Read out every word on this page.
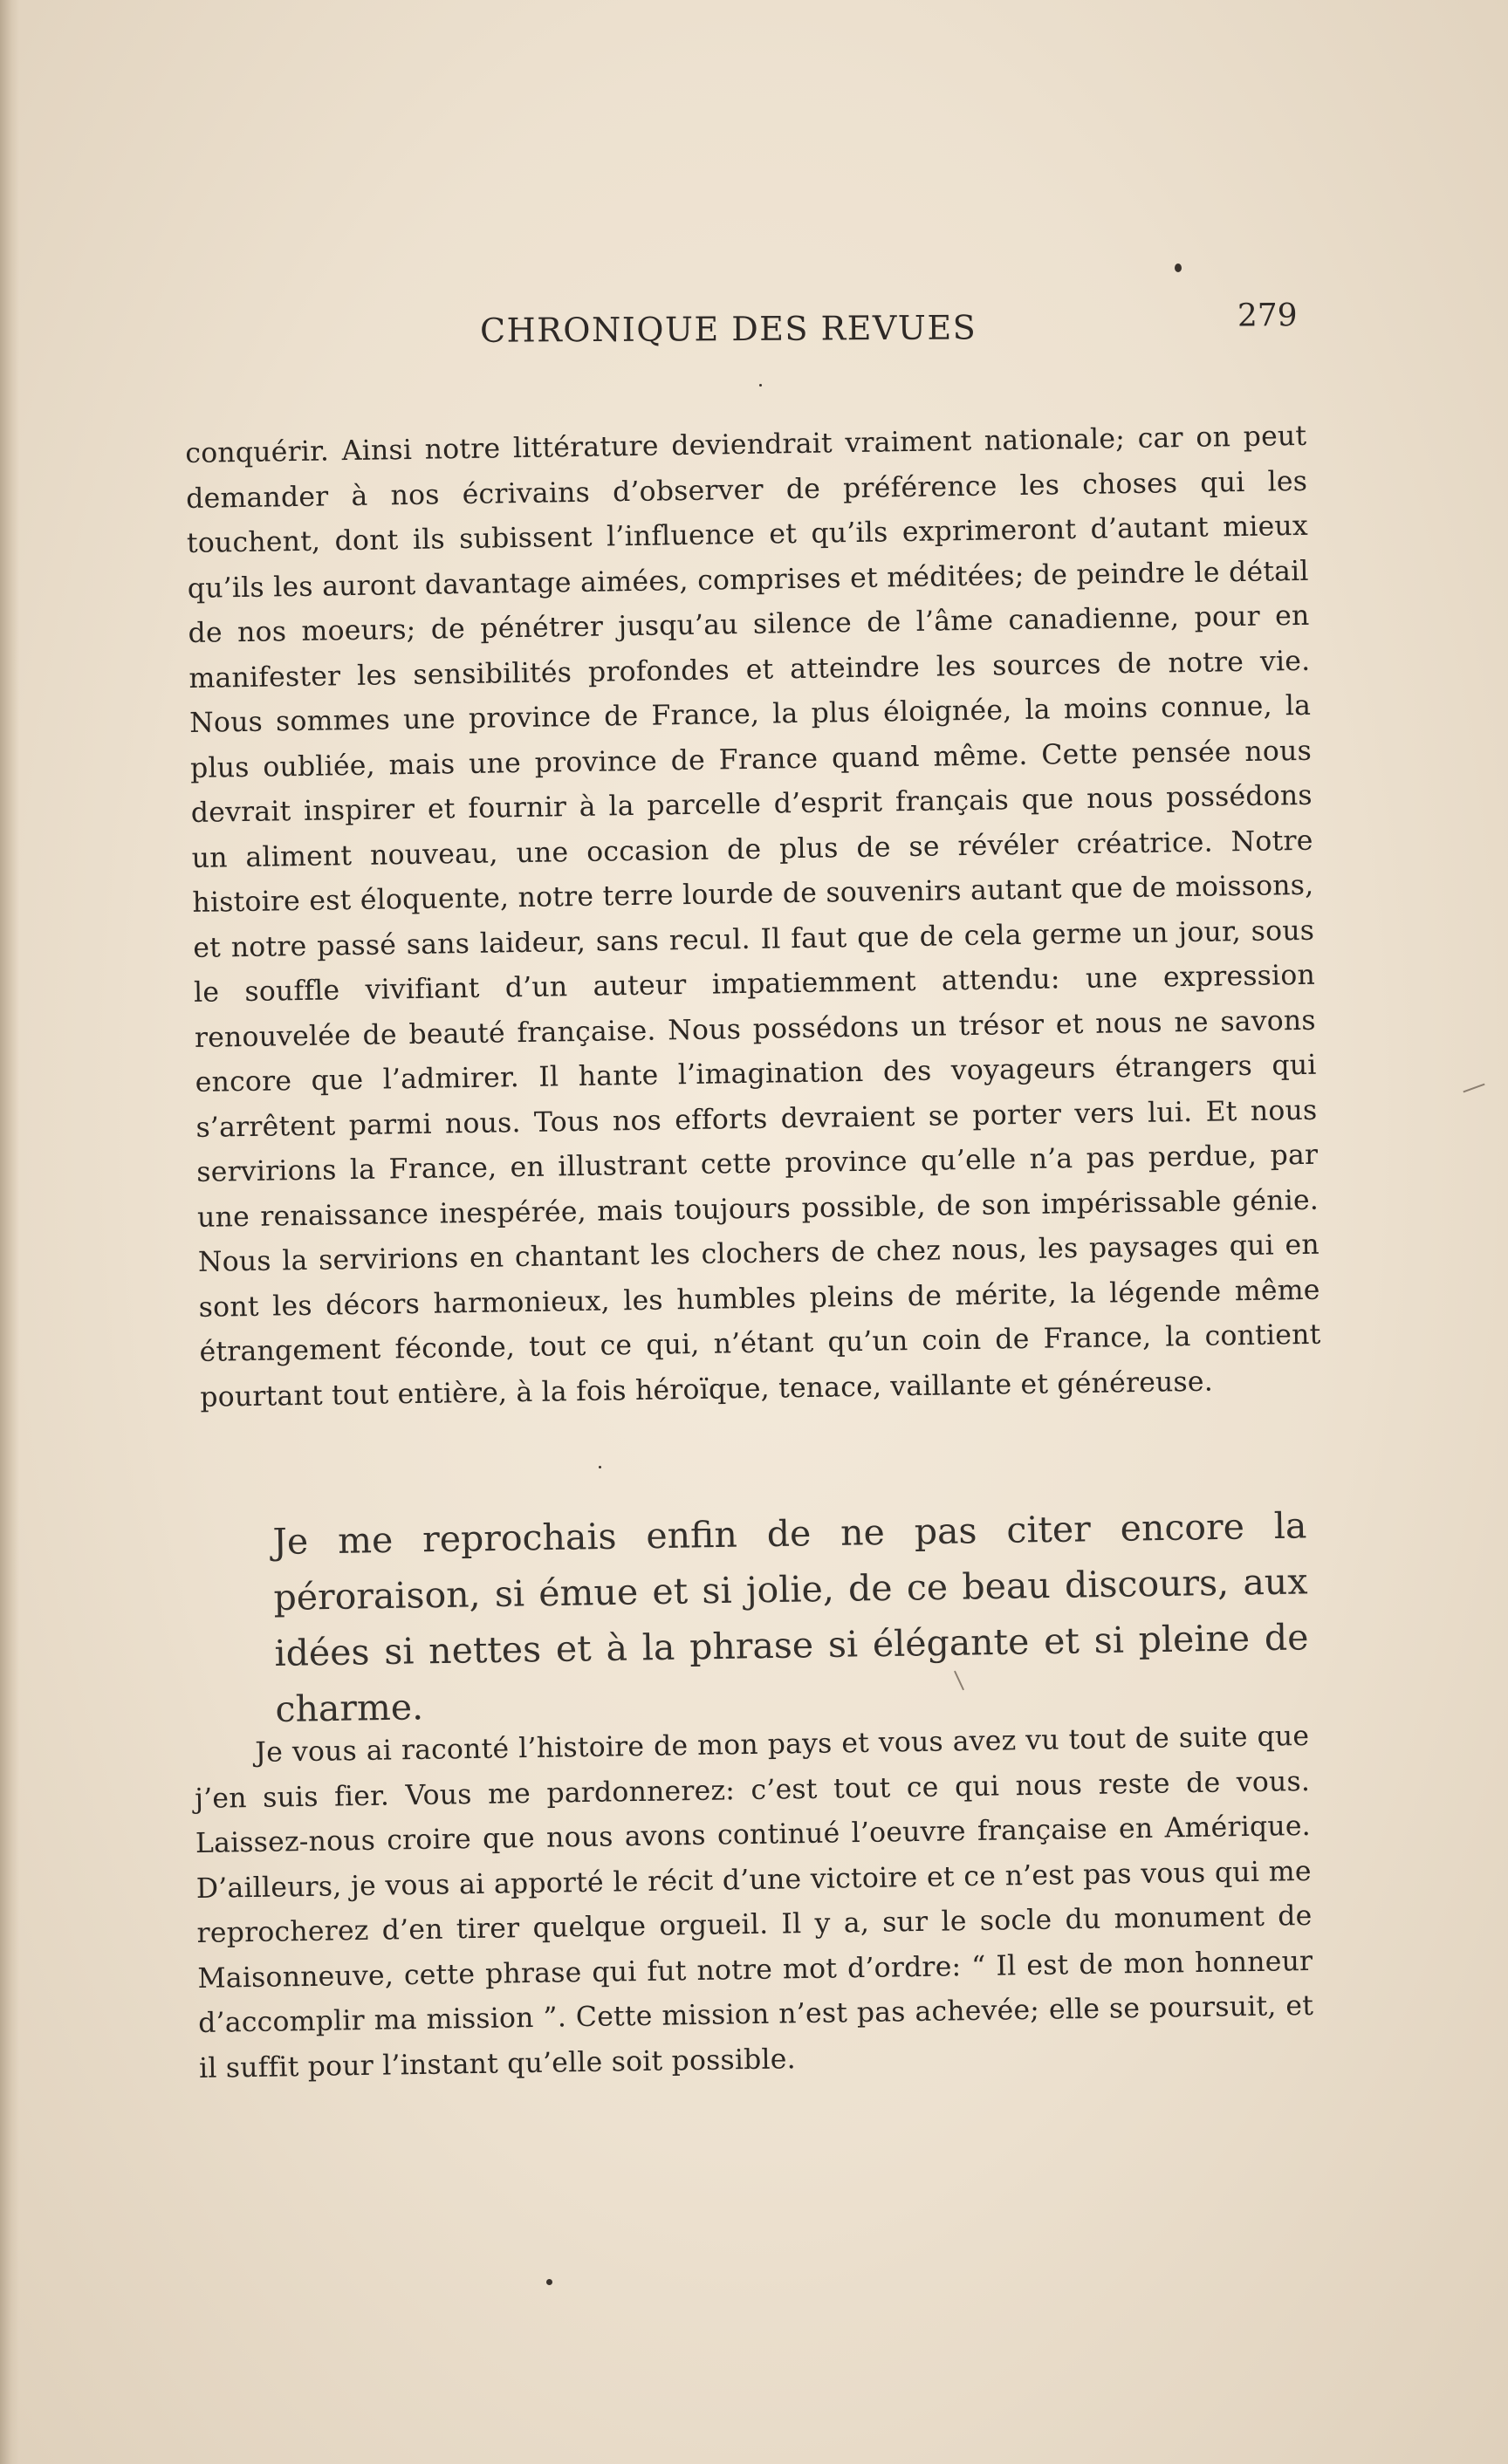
CHRONIQUE DES REVUES	279

conquérir. Ainsi notre littérature deviendrait vraiment nationale; car on peut demander à nos écrivains d’observer de préférence les choses qui les touchent, dont ils subissent l’influence et qu’ils exprimeront d’autant mieux qu’ils les auront davantage aimées, comprises et méditées; de peindre le détail de nos moeurs; de pénétrer jusqu’au silence de l’âme canadienne, pour en manifester les sensibilités profondes et atteindre les sources de notre vie. Nous sommes une province de France, la plus éloignée, la moins connue, la plus oubliée, mais une province de France quand même. Cette pensée nous devrait inspirer et fournir à la parcelle d’esprit français que nous possédons un aliment nouveau, une occasion de plus de se révéler créatrice. Notre histoire est éloquente, notre terre lourde de souvenirs autant que de moissons, et notre passé sans laideur, sans recul. Il faut que de cela germe un jour, sous le souffle vivifiant d’un auteur impatiemment attendu: une expression renouvelée de beauté française. Nous possédons un trésor et nous ne savons encore que l’admirer. Il hante l’imagination des voyageurs étrangers qui s’arrêtent parmi nous. Tous nos efforts devraient se porter vers lui. Et nous servirions la France, en illustrant cette province qu’elle n’a pas perdue, par une renaissance inespérée, mais toujours possible, de son impérissable génie. Nous la servirions en chantant les clochers de chez nous, les paysages qui en sont les décors harmonieux, les humbles pleins de mérite, la légende même étrangement féconde, tout ce qui, n’étant qu’un coin de France, la contient pourtant tout entière, à la fois héroïque, tenace, vaillante et généreuse.

Je me reprochais enfin de ne pas citer encore la péroraison, si émue et si jolie, de ce beau discours, aux idées si nettes et à la phrase si élégante et si pleine de charme.

Je vous ai raconté l’histoire de mon pays et vous avez vu tout de suite que j’en suis fier. Vous me pardonnerez: c’est tout ce qui nous reste de vous. Laissez-nous croire que nous avons continué l’oeuvre française en Amérique. D’ailleurs, je vous ai apporté le récit d’une victoire et ce n’est pas vous qui me reprocherez d’en tirer quelque orgueil. Il y a, sur le socle du monument de Maisonneuve, cette phrase qui fut notre mot d’ordre: “ Il est de mon honneur d’accomplir ma mission ”. Cette mission n’est pas achevée; elle se poursuit, et il suffit pour l’instant qu’elle soit possible.
